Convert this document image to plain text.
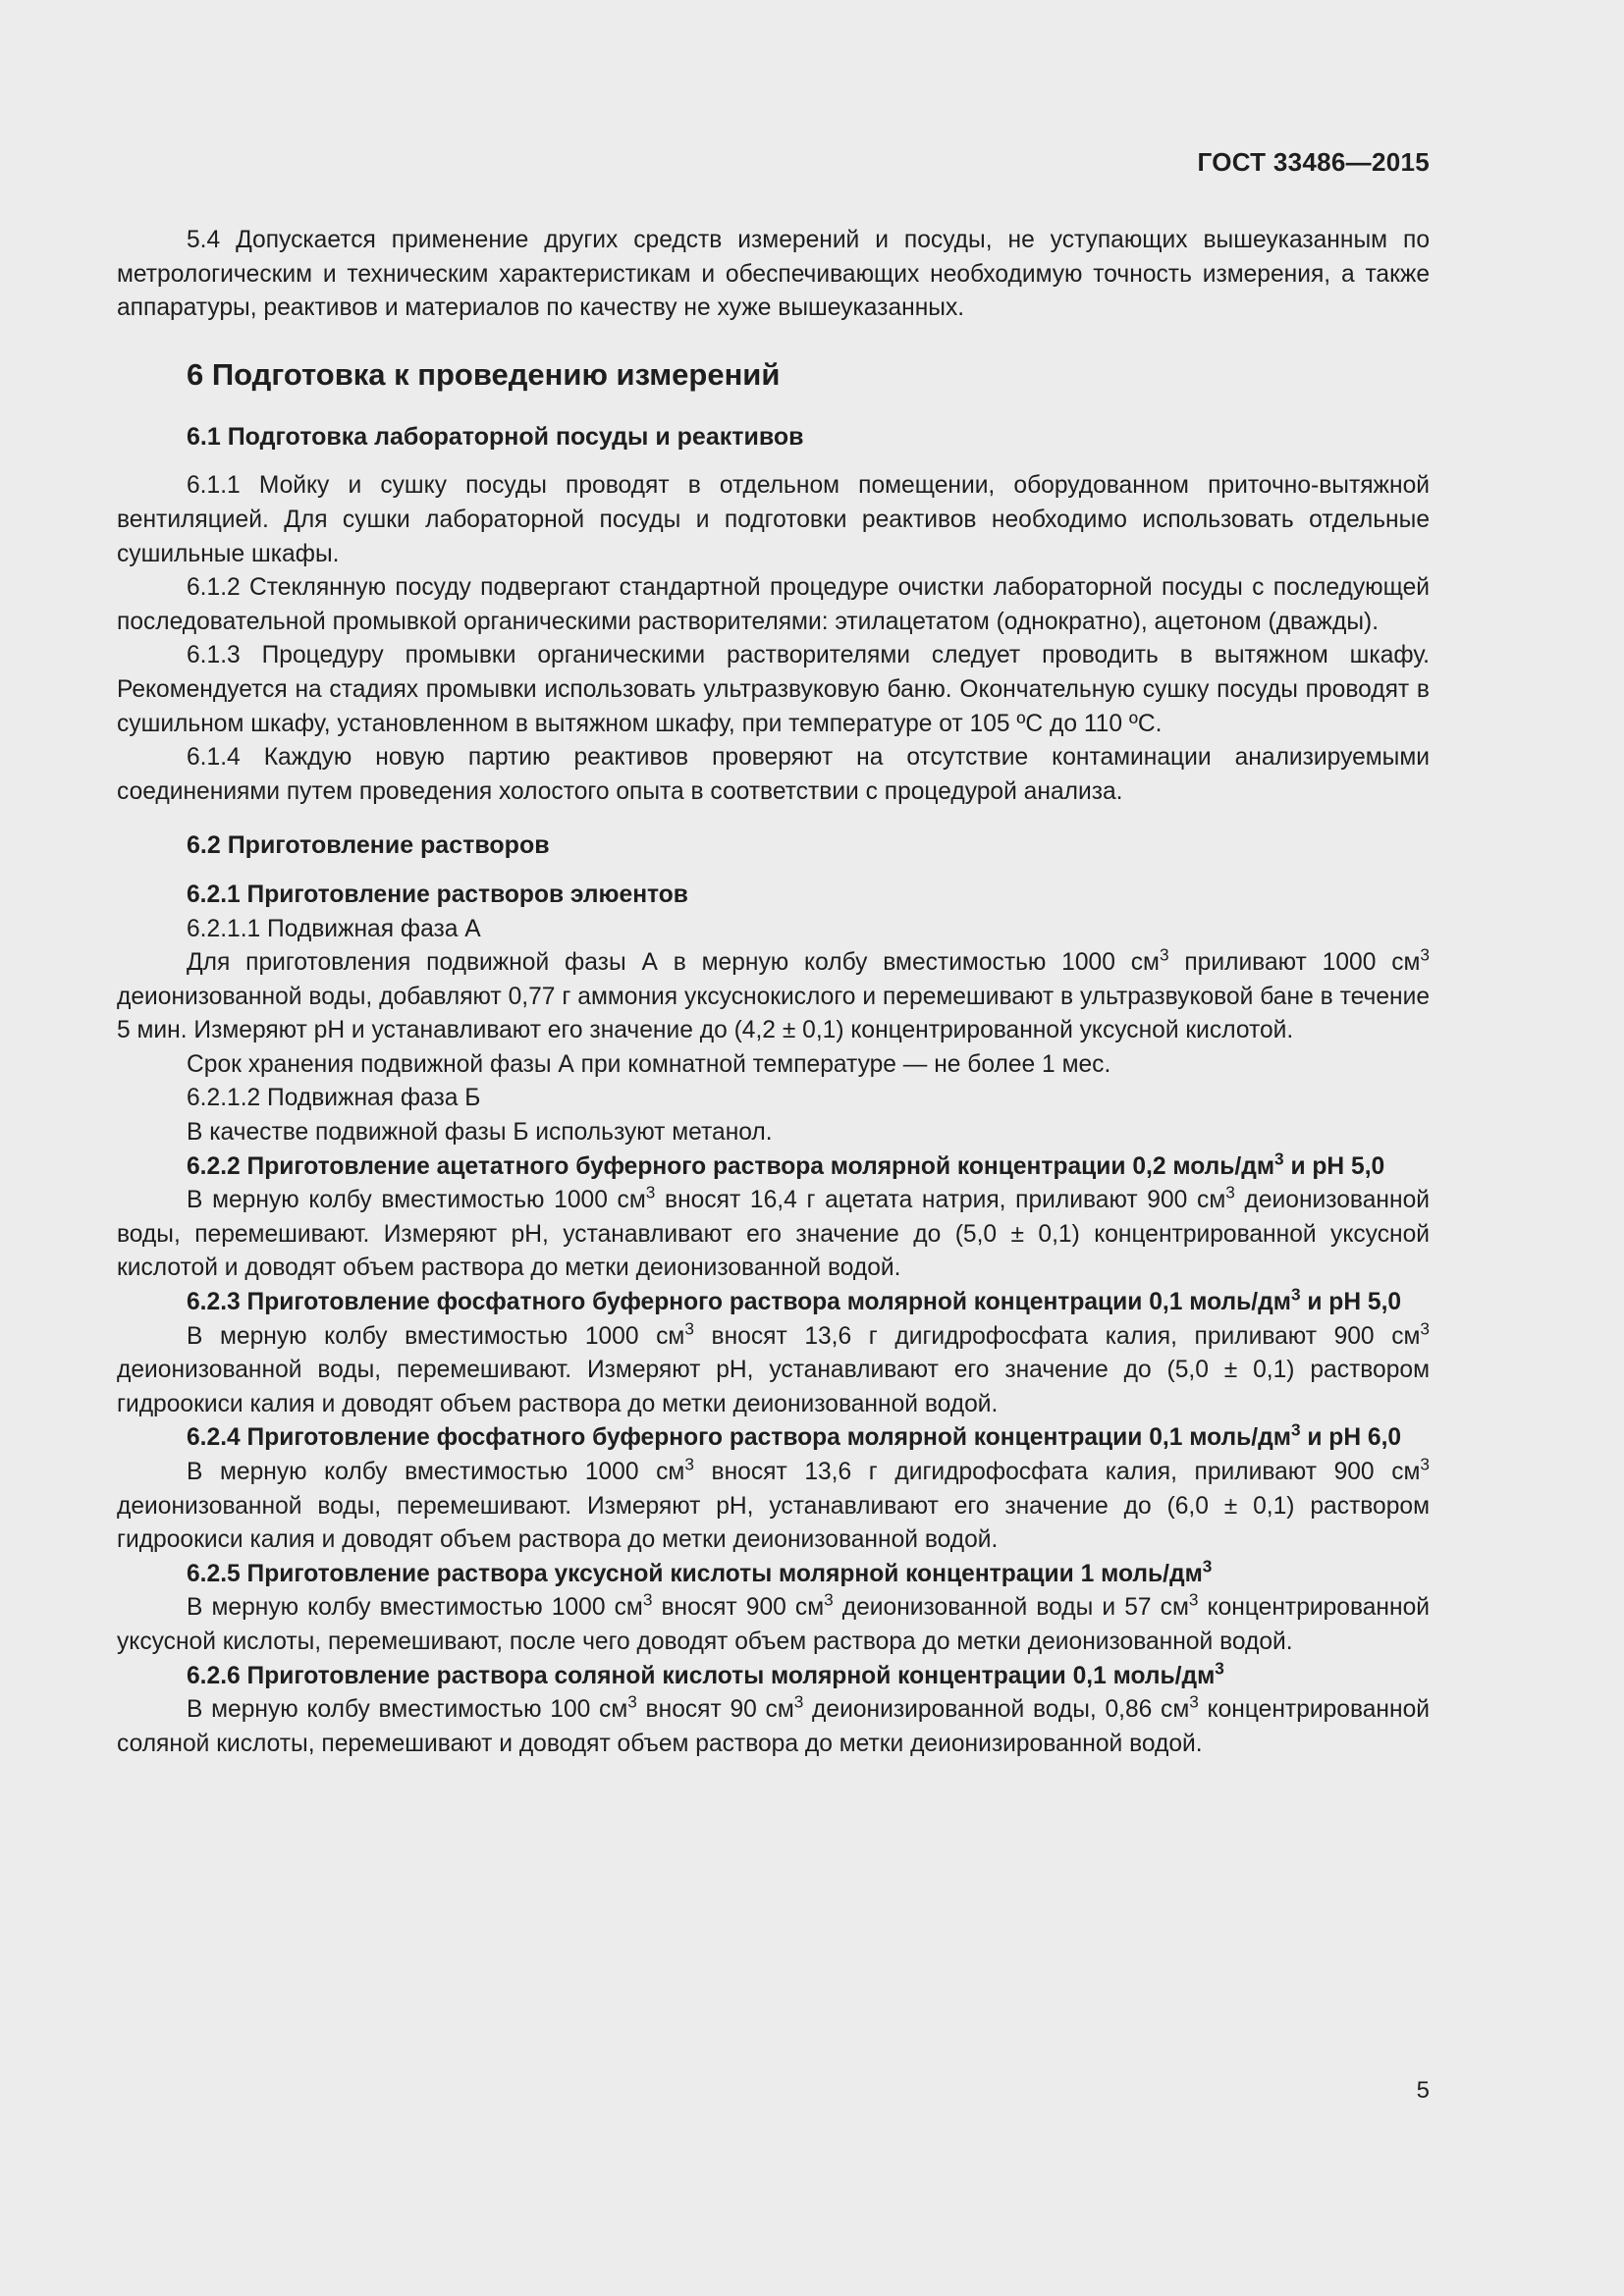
ГОСТ 33486—2015

5.4 Допускается применение других средств измерений и посуды, не уступающих вышеуказанным по метрологическим и техническим характеристикам и обеспечивающих необходимую точность измерения, а также аппаратуры, реактивов и материалов по качеству не хуже вышеуказанных.

6 Подготовка к проведению измерений
6.1 Подготовка лабораторной посуды и реактивов

6.1.1 Мойку и сушку посуды проводят в отдельном помещении, оборудованном приточно-вытяжной вентиляцией. Для сушки лабораторной посуды и подготовки реактивов необходимо использовать отдельные сушильные шкафы.

6.1.2 Стеклянную посуду подвергают стандартной процедуре очистки лабораторной посуды с последующей последовательной промывкой органическими растворителями: этилацетатом (однократно), ацетоном (дважды).

6.1.3 Процедуру промывки органическими растворителями следует проводить в вытяжном шкафу. Рекомендуется на стадиях промывки использовать ультразвуковую баню. Окончательную сушку посуды проводят в сушильном шкафу, установленном в вытяжном шкафу, при температуре от 105 ºС до 110 ºС.

6.1.4 Каждую новую партию реактивов проверяют на отсутствие контаминации анализируемыми соединениями путем проведения холостого опыта в соответствии с процедурой анализа.

6.2 Приготовление растворов

6.2.1 Приготовление растворов элюентов

6.2.1.1 Подвижная фаза А

Для приготовления подвижной фазы А в мерную колбу вместимостью 1000 $см^3$ приливают 1000 $см^3$ деионизованной воды, добавляют 0,77 г аммония уксуснокислого и перемешивают в ультразвуковой бане в течение 5 мин. Измеряют рН и устанавливают его значение до (4,2 ± 0,1) концентрированной уксусной кислотой.

Срок хранения подвижной фазы А при комнатной температуре — не более 1 мес.

6.2.1.2 Подвижная фаза Б

В качестве подвижной фазы Б используют метанол.

6.2.2 Приготовление ацетатного буферного раствора молярной концентрации 0,2 моль/$дм^3$ и рН 5,0

В мерную колбу вместимостью 1000 $см^3$ вносят 16,4 г ацетата натрия, приливают 900 $см^3$ деионизованной воды, перемешивают. Измеряют рН, устанавливают его значение до (5,0 ± 0,1) концентрированной уксусной кислотой и доводят объем раствора до метки деионизованной водой.

6.2.3 Приготовление фосфатного буферного раствора молярной концентрации 0,1 моль/$дм^3$ и рН 5,0

В мерную колбу вместимостью 1000 $см^3$ вносят 13,6 г дигидрофосфата калия, приливают 900 $см^3$ деионизованной воды, перемешивают. Измеряют рН, устанавливают его значение до (5,0 ± 0,1) раствором гидроокиси калия и доводят объем раствора до метки деионизованной водой.

6.2.4 Приготовление фосфатного буферного раствора молярной концентрации 0,1 моль/$дм^3$ и рН 6,0

В мерную колбу вместимостью 1000 $см^3$ вносят 13,6 г дигидрофосфата калия, приливают 900 $см^3$ деионизованной воды, перемешивают. Измеряют рН, устанавливают его значение до (6,0 ± 0,1) раствором гидроокиси калия и доводят объем раствора до метки деионизованной водой.

6.2.5 Приготовление раствора уксусной кислоты молярной концентрации 1 моль/$дм^3$

В мерную колбу вместимостью 1000 $см^3$ вносят 900 $см^3$ деионизованной воды и 57 $см^3$ концентрированной уксусной кислоты, перемешивают, после чего доводят объем раствора до метки деионизованной водой.

6.2.6 Приготовление раствора соляной кислоты молярной концентрации 0,1 моль/$дм^3$

В мерную колбу вместимостью 100 $см^3$ вносят 90 $см^3$ деионизированной воды, 0,86 $см^3$ концентрированной соляной кислоты, перемешивают и доводят объем раствора до метки деионизированной водой.

5
